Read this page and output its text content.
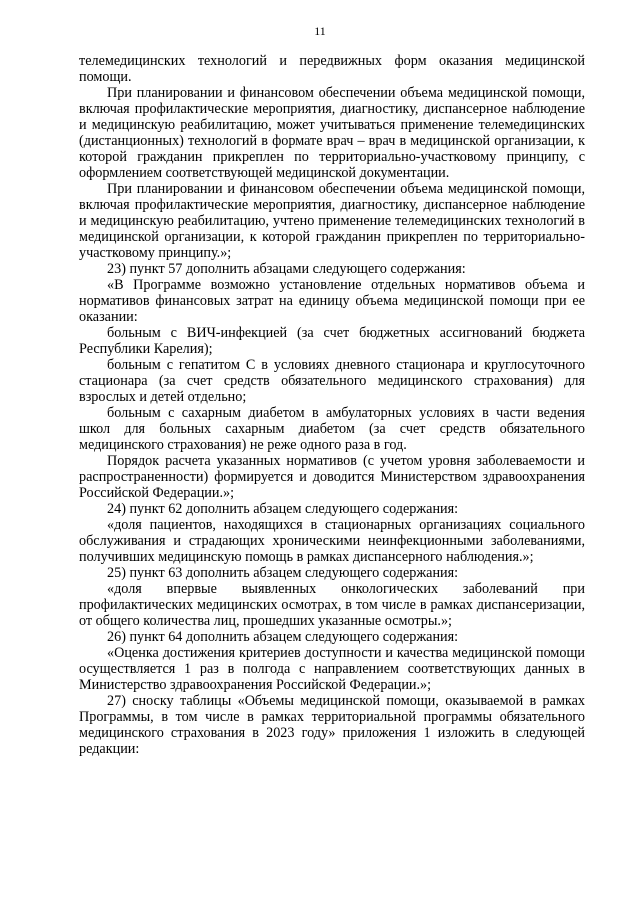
11

телемедицинских технологий и передвижных форм оказания медицинской помощи.

При планировании и финансовом обеспечении объема медицинской помощи, включая профилактические мероприятия, диагностику, диспансерное наблюдение и медицинскую реабилитацию, может учитываться применение телемедицинских (дистанционных) технологий в формате врач – врач в медицинской организации, к которой гражданин прикреплен по территориально-участковому принципу, с оформлением соответствующей медицинской документации.

При планировании и финансовом обеспечении объема медицинской помощи, включая профилактические мероприятия, диагностику, диспансерное наблюдение и медицинскую реабилитацию, учтено применение телемедицинских технологий в медицинской организации, к которой гражданин прикреплен по территориально-участковому принципу.»;

23) пункт 57 дополнить абзацами следующего содержания:

«В Программе возможно установление отдельных нормативов объема и нормативов финансовых затрат на единицу объема медицинской помощи при ее оказании:

больным с ВИЧ-инфекцией (за счет бюджетных ассигнований бюджета Республики Карелия);

больным с гепатитом С в условиях дневного стационара и круглосуточного стационара (за счет средств обязательного медицинского страхования) для взрослых и детей отдельно;

больным с сахарным диабетом в амбулаторных условиях в части ведения школ для больных сахарным диабетом (за счет средств обязательного медицинского страхования) не реже одного раза в год.

Порядок расчета указанных нормативов (с учетом уровня заболеваемости и распространенности) формируется и доводится Министерством здравоохранения Российской Федерации.»;

24) пункт 62 дополнить абзацем следующего содержания:

«доля пациентов, находящихся в стационарных организациях социального обслуживания и страдающих хроническими неинфекционными заболеваниями, получивших медицинскую помощь в рамках диспансерного наблюдения.»;

25) пункт 63 дополнить абзацем следующего содержания:

«доля впервые выявленных онкологических заболеваний при профилактических медицинских осмотрах, в том числе в рамках диспансеризации, от общего количества лиц, прошедших указанные осмотры.»;

26) пункт 64 дополнить абзацем следующего содержания:

«Оценка достижения критериев доступности и качества медицинской помощи осуществляется 1 раз в полгода с направлением соответствующих данных в Министерство здравоохранения Российской Федерации.»;

27) сноску таблицы «Объемы медицинской помощи, оказываемой в рамках Программы, в том числе в рамках территориальной программы обязательного медицинского страхования в 2023 году» приложения 1 изложить в следующей редакции:
